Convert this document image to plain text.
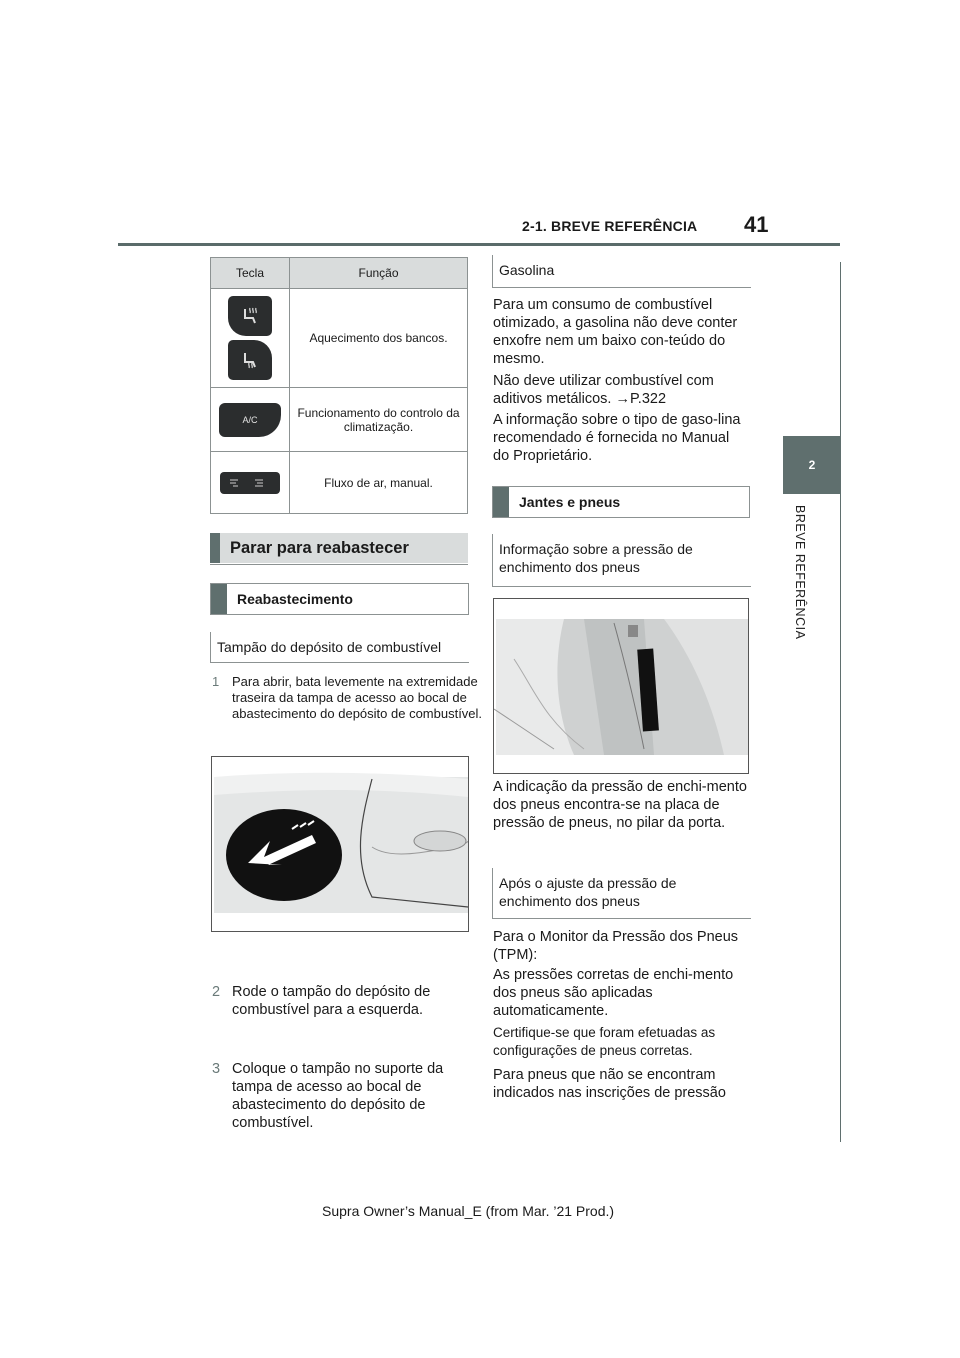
2-1. BREVE REFERÊNCIA 41
2
BREVE REFERÊNCIA
Tecla	Função

	Aquecimento dos bancos.
A/C	Funcionamento do controlo da climatização.

	Fluxo de ar, manual.
Parar para reabastecer
Reabastecimento
Tampão do depósito de combustível
1 Para abrir, bata levemente na extremidade traseira da tampa de acesso ao bocal de abastecimento do depósito de combustível.
2 Rode o tampão do depósito de combustível para a esquerda.
3 Coloque o tampão no suporte da tampa de acesso ao bocal de abastecimento do depósito de combustível.
Gasolina
Para um consumo de combustível otimizado, a gasolina não deve conter enxofre nem um baixo con-teúdo do mesmo.
Não deve utilizar combustível com aditivos metálicos. →P.322
A informação sobre o tipo de gaso-lina recomendado é fornecida no Manual do Proprietário.
Jantes e pneus
Informação sobre a pressão de enchimento dos pneus
A indicação da pressão de enchi-mento dos pneus encontra-se na placa de pressão de pneus, no pilar da porta.
Após o ajuste da pressão de enchimento dos pneus
Para o Monitor da Pressão dos Pneus (TPM):
As pressões corretas de enchi-mento dos pneus são aplicadas automaticamente.
Certifique-se que foram efetuadas as configurações de pneus corretas.
Para pneus que não se encontram indicados nas inscrições de pressão
Supra Owner’s Manual_E (from Mar. ’21 Prod.)
